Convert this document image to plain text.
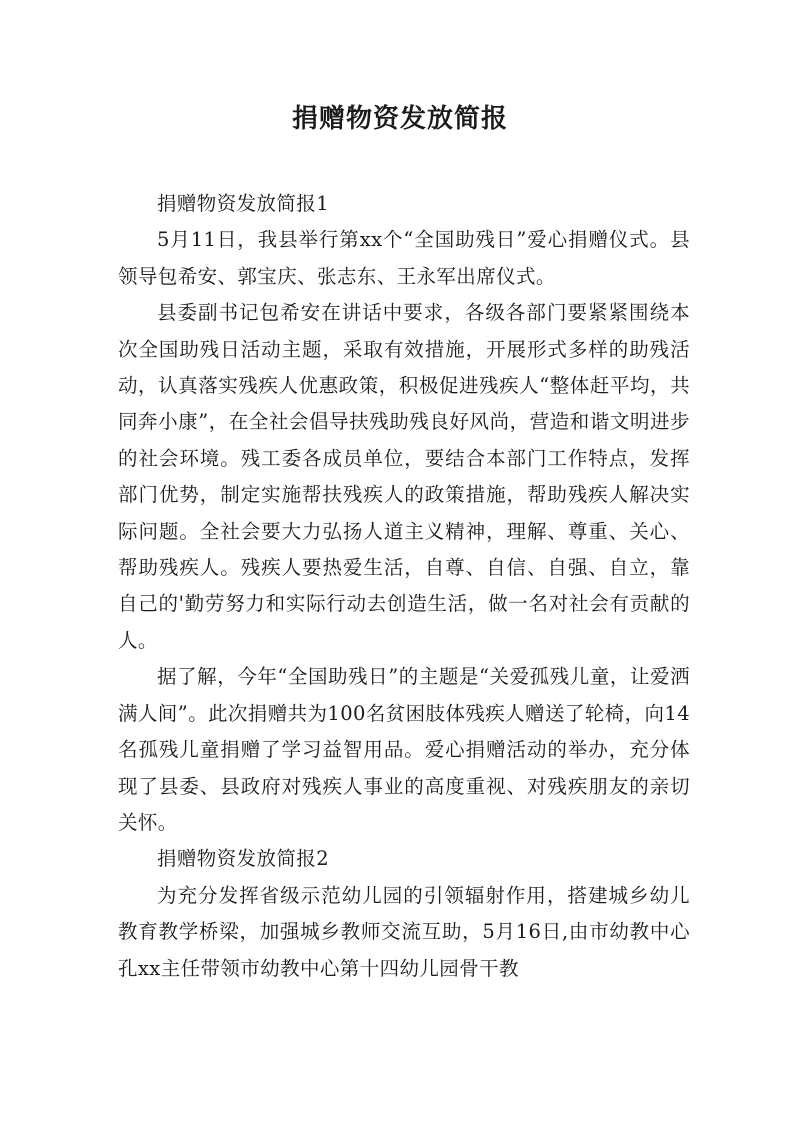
捐赠物资发放简报

捐赠物资发放简报1

5月11日，我县举行第xx个“全国助残日”爱心捐赠仪式。县领导包希安、郭宝庆、张志东、王永军出席仪式。

县委副书记包希安在讲话中要求，各级各部门要紧紧围绕本次全国助残日活动主题，采取有效措施，开展形式多样的助残活动，认真落实残疾人优惠政策，积极促进残疾人“整体赶平均，共同奔小康”，在全社会倡导扶残助残良好风尚，营造和谐文明进步的社会环境。残工委各成员单位，要结合本部门工作特点，发挥部门优势，制定实施帮扶残疾人的政策措施，帮助残疾人解决实际问题。全社会要大力弘扬人道主义精神，理解、尊重、关心、帮助残疾人。残疾人要热爱生活，自尊、自信、自强、自立，靠自己的'勤劳努力和实际行动去创造生活，做一名对社会有贡献的人。

据了解，今年“全国助残日”的主题是“关爱孤残儿童，让爱洒满人间”。此次捐赠共为100名贫困肢体残疾人赠送了轮椅，向14名孤残儿童捐赠了学习益智用品。爱心捐赠活动的举办，充分体现了县委、县政府对残疾人事业的高度重视、对残疾朋友的亲切关怀。

捐赠物资发放简报2

为充分发挥省级示范幼儿园的引领辐射作用，搭建城乡幼儿教育教学桥梁，加强城乡教师交流互助，5月16日,由市幼教中心孔xx主任带领市幼教中心第十四幼儿园骨干教
